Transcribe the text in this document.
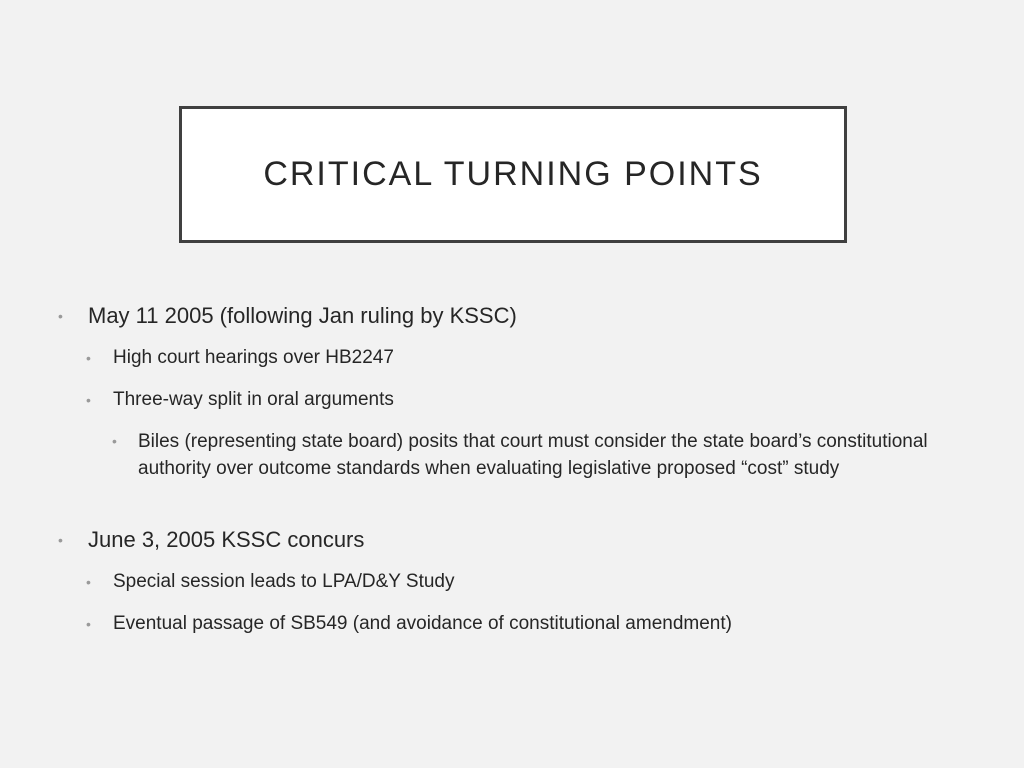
CRITICAL TURNING POINTS
•	May 11 2005 (following Jan ruling by KSSC)
•	High court hearings over HB2247
•	Three-way split in oral arguments
•	Biles (representing state board) posits that court must consider the state board’s constitutional authority over outcome standards when evaluating legislative proposed “cost” study
•	June 3, 2005 KSSC concurs
•	Special session leads to LPA/D&Y Study
•	Eventual passage of SB549 (and avoidance of constitutional amendment)
